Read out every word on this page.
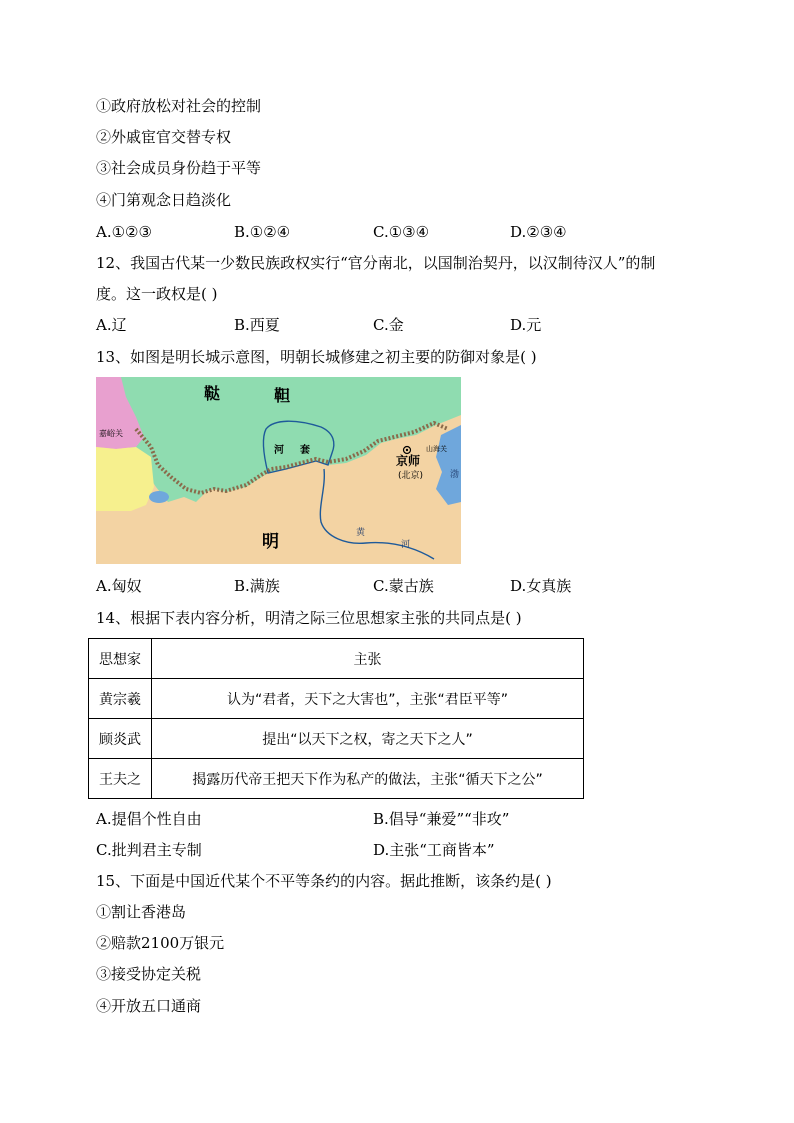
①政府放松对社会的控制
②外戚宦官交替专权
③社会成员身份趋于平等
④门第观念日趋淡化
A.①②③	B.①②④	C.①③④	D.②③④
12、我国古代某一少数民族政权实行“官分南北，以国制治契丹，以汉制待汉人”的制
度。这一政权是( )
A.辽	B.西夏	C.金	D.元
13、如图是明长城示意图，明朝长城修建之初主要的防御对象是( )
鞑	靼
嘉峪关
河 套
京师
(北京)
山海关
渤
明	黄
河
A.匈奴	B.满族	C.蒙古族	D.女真族
14、根据下表内容分析，明清之际三位思想家主张的共同点是( )
思想家	主张
黄宗羲	认为“君者，天下之大害也”，主张“君臣平等”
顾炎武	提出“以天下之权，寄之天下之人”
王夫之	揭露历代帝王把天下作为私产的做法，主张“循天下之公”
A.提倡个性自由	B.倡导“兼爱”“非攻”
C.批判君主专制	D.主张“工商皆本”
15、下面是中国近代某个不平等条约的内容。据此推断，该条约是( )
①割让香港岛
②赔款2100万银元
③接受协定关税
④开放五口通商
